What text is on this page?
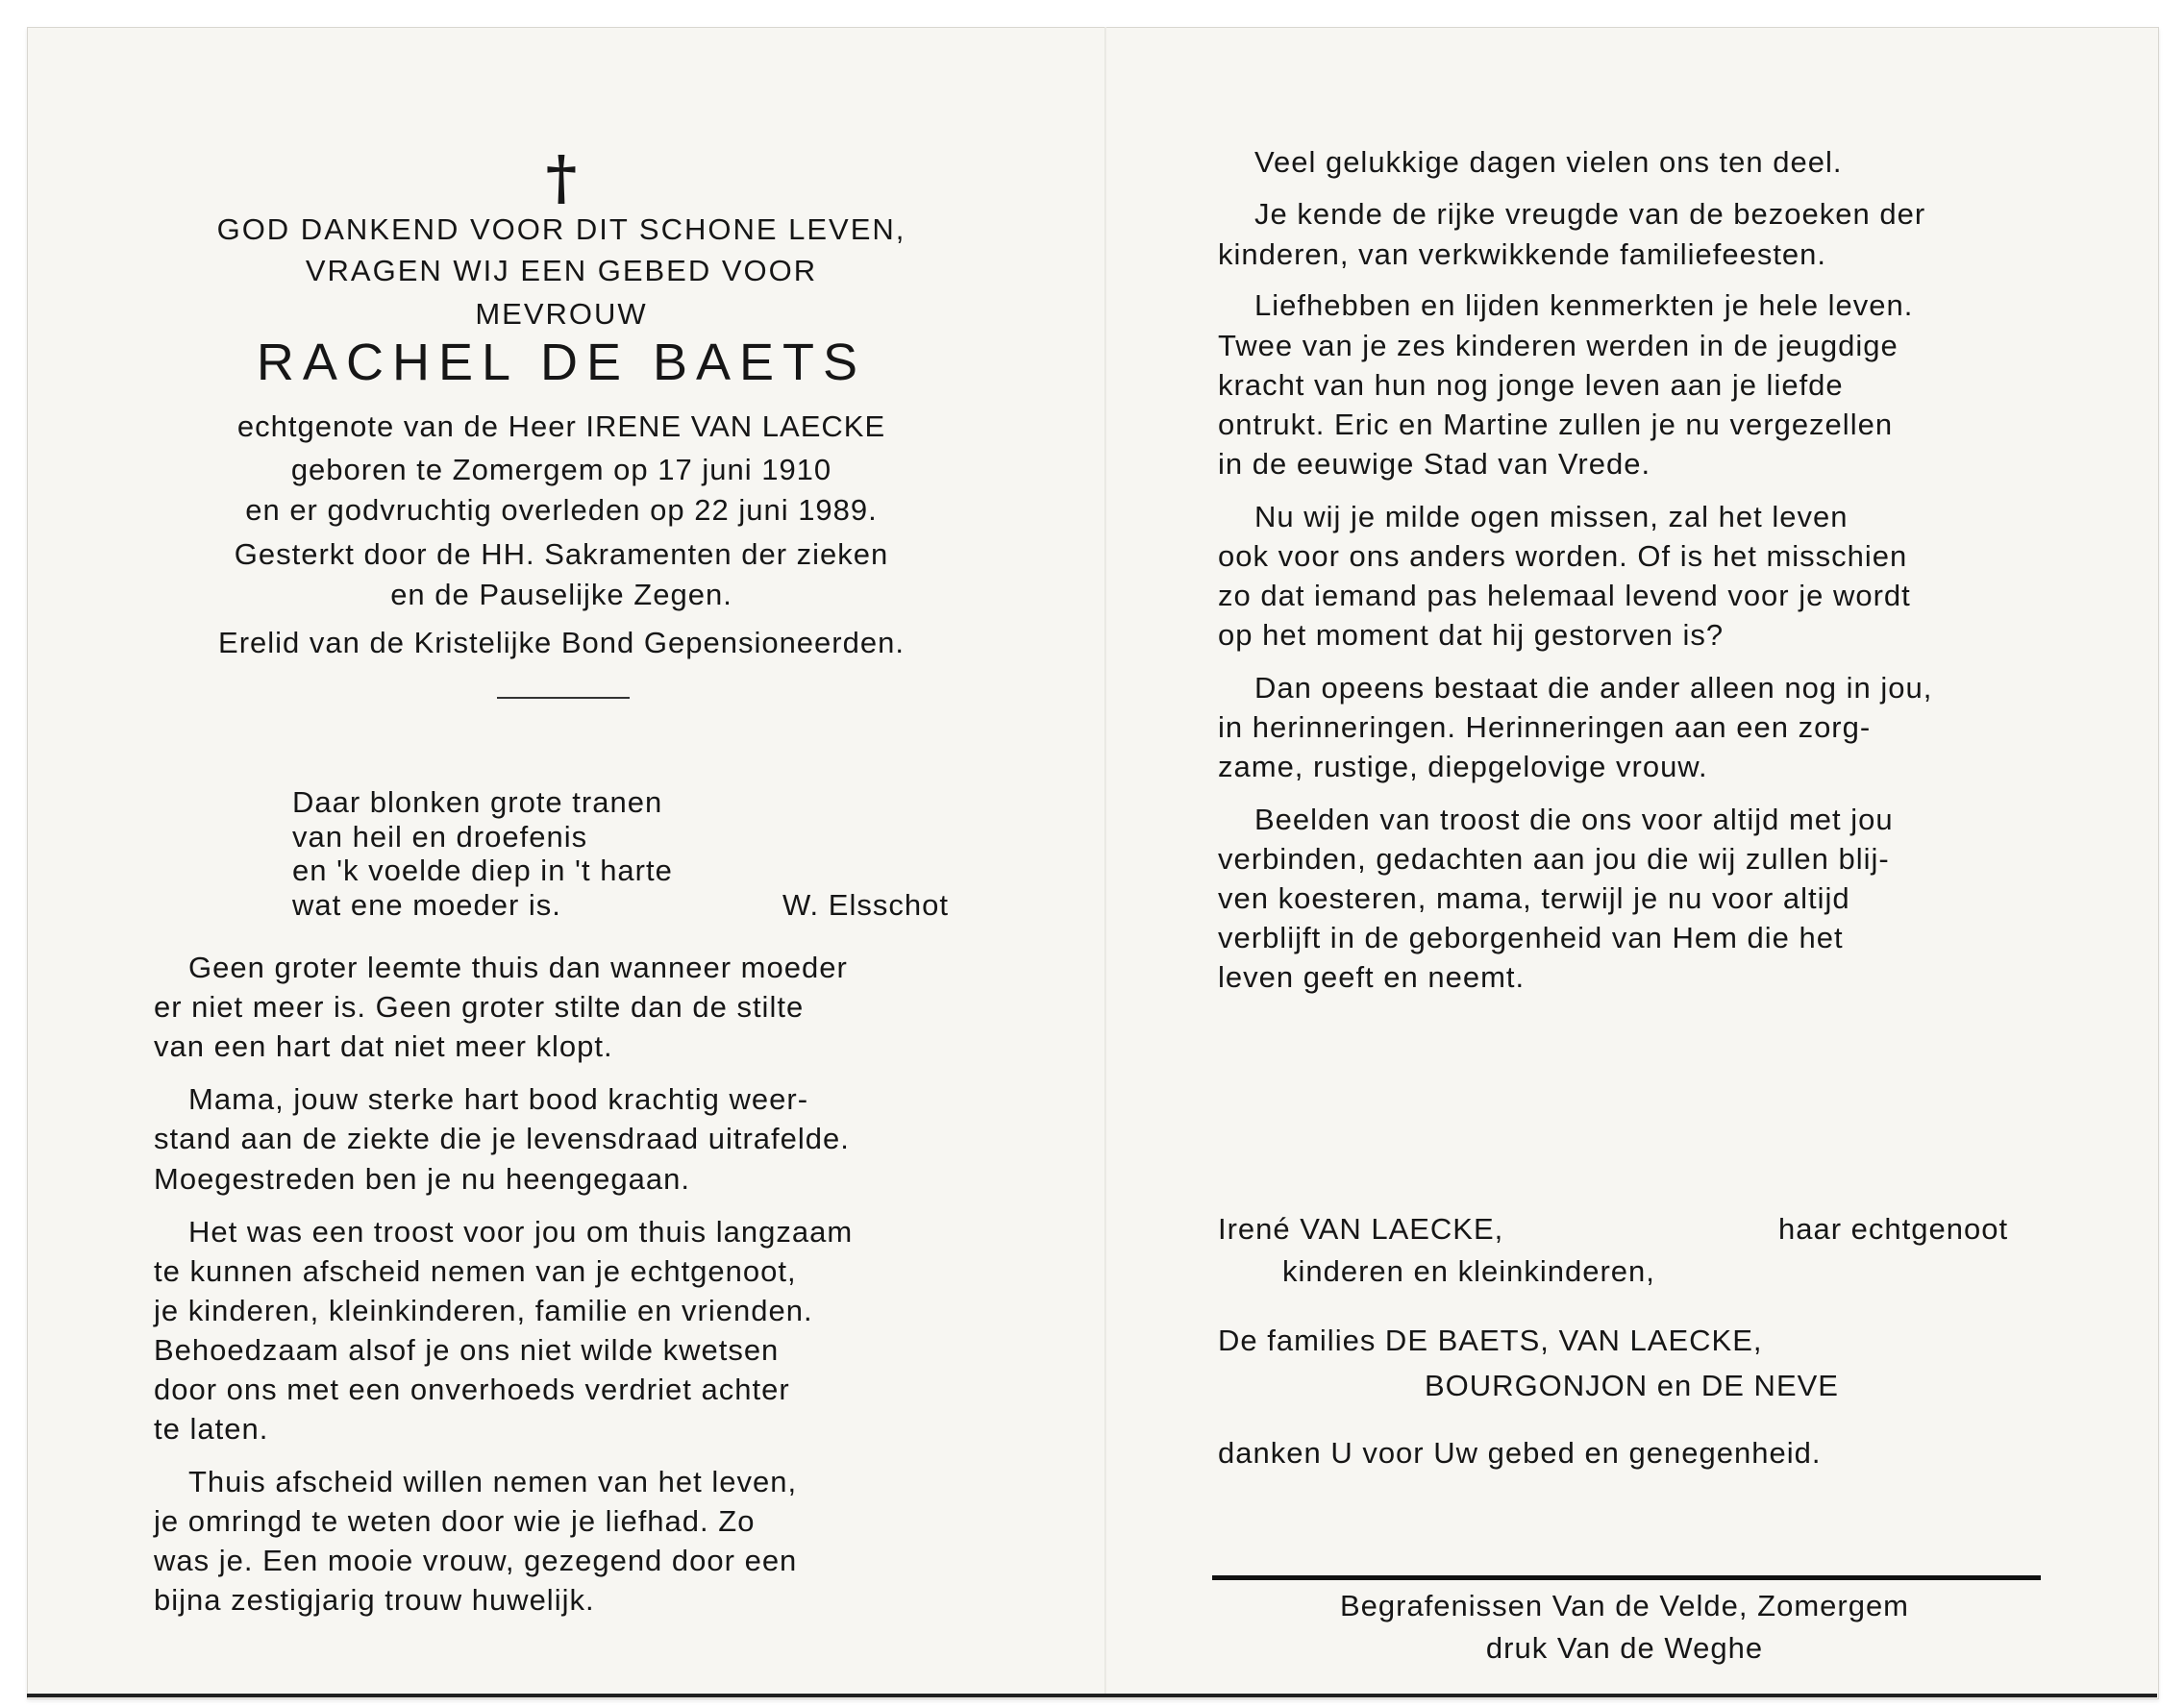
†
GOD DANKEND VOOR DIT SCHONE LEVEN,
VRAGEN WIJ EEN GEBED VOOR
MEVROUW
RACHEL DE BAETS
echtgenote van de Heer IRENE VAN LAECKE
geboren te Zomergem op 17 juni 1910
en er godvruchtig overleden op 22 juni 1989.
Gesterkt door de HH. Sakramenten der zieken
en de Pauselijke Zegen.
Erelid van de Kristelijke Bond Gepensioneerden.
Daar blonken grote tranen
van heil en droefenis
en 'k voelde diep in 't harte
wat ene moeder is.	W. Elsschot
Geen groter leemte thuis dan wanneer moeder
er niet meer is. Geen groter stilte dan de stilte
van een hart dat niet meer klopt.
Mama, jouw sterke hart bood krachtig weer-
stand aan de ziekte die je levensdraad uitrafelde.
Moegestreden ben je nu heengegaan.
Het was een troost voor jou om thuis langzaam
te kunnen afscheid nemen van je echtgenoot,
je kinderen, kleinkinderen, familie en vrienden.
Behoedzaam alsof je ons niet wilde kwetsen
door ons met een onverhoeds verdriet achter
te laten.
Thuis afscheid willen nemen van het leven,
je omringd te weten door wie je liefhad. Zo
was je. Een mooie vrouw, gezegend door een
bijna zestigjarig trouw huwelijk.
Veel gelukkige dagen vielen ons ten deel.
Je kende de rijke vreugde van de bezoeken der
kinderen, van verkwikkende familiefeesten.
Liefhebben en lijden kenmerkten je hele leven.
Twee van je zes kinderen werden in de jeugdige
kracht van hun nog jonge leven aan je liefde
ontrukt. Eric en Martine zullen je nu vergezellen
in de eeuwige Stad van Vrede.
Nu wij je milde ogen missen, zal het leven
ook voor ons anders worden. Of is het misschien
zo dat iemand pas helemaal levend voor je wordt
op het moment dat hij gestorven is?
Dan opeens bestaat die ander alleen nog in jou,
in herinneringen. Herinneringen aan een zorg-
zame, rustige, diepgelovige vrouw.
Beelden van troost die ons voor altijd met jou
verbinden, gedachten aan jou die wij zullen blij-
ven koesteren, mama, terwijl je nu voor altijd
verblijft in de geborgenheid van Hem die het
leven geeft en neemt.
Irené VAN LAECKE,	haar echtgenoot
kinderen en kleinkinderen,
De families DE BAETS, VAN LAECKE,
BOURGONJON en DE NEVE
danken U voor Uw gebed en genegenheid.
Begrafenissen Van de Velde, Zomergem
druk Van de Weghe
